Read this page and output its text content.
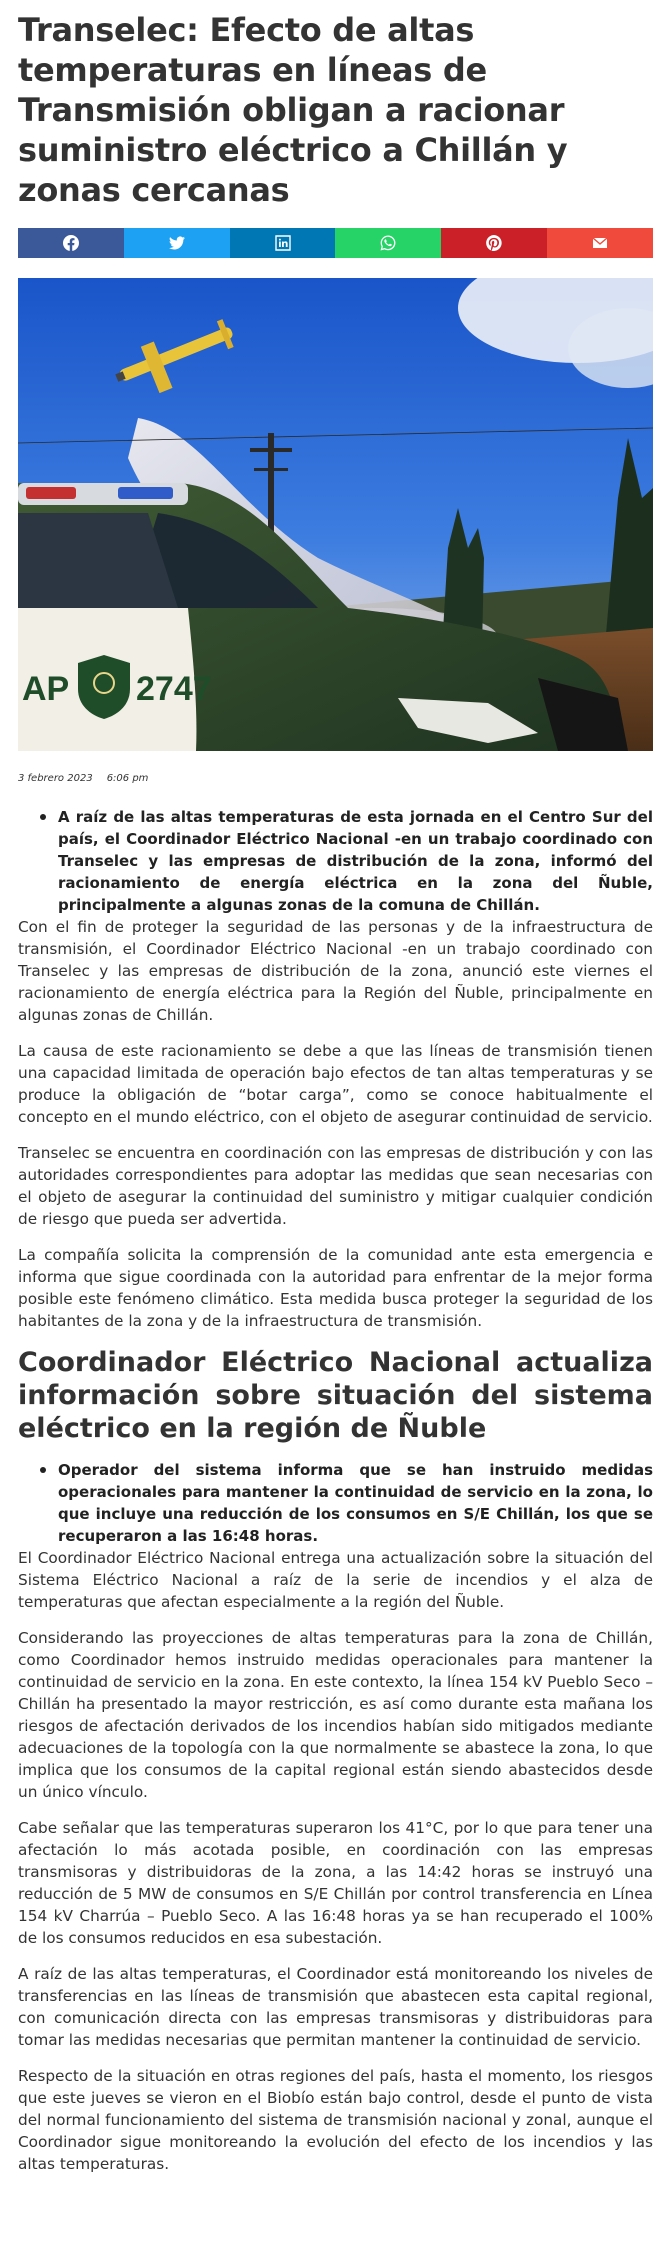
Transelec: Efecto de altas temperaturas en líneas de Transmisión obligan a racionar suministro eléctrico a Chillán y zonas cercanas
AP 2747
3 febrero 2023 6:06 pm
A raíz de las altas temperaturas de esta jornada en el Centro Sur del país, el Coordinador Eléctrico Nacional -en un trabajo coordinado con Transelec y las empresas de distribución de la zona, informó del racionamiento de energía eléctrica en la zona del Ñuble, principalmente a algunas zonas de la comuna de Chillán.

Con el fin de proteger la seguridad de las personas y de la infraestructura de transmisión, el Coordinador Eléctrico Nacional -en un trabajo coordinado con Transelec y las empresas de distribución de la zona, anunció este viernes el racionamiento de energía eléctrica para la Región del Ñuble, principalmente en algunas zonas de Chillán.

La causa de este racionamiento se debe a que las líneas de transmisión tienen una capacidad limitada de operación bajo efectos de tan altas temperaturas y se produce la obligación de “botar carga”, como se conoce habitualmente el concepto en el mundo eléctrico, con el objeto de asegurar continuidad de servicio.

Transelec se encuentra en coordinación con las empresas de distribución y con las autoridades correspondientes para adoptar las medidas que sean necesarias con el objeto de asegurar la continuidad del suministro y mitigar cualquier condición de riesgo que pueda ser advertida.

La compañía solicita la comprensión de la comunidad ante esta emergencia e informa que sigue coordinada con la autoridad para enfrentar de la mejor forma posible este fenómeno climático. Esta medida busca proteger la seguridad de los habitantes de la zona y de la infraestructura de transmisión.

Coordinador Eléctrico Nacional actualiza información sobre situación del sistema eléctrico en la región de Ñuble
Operador del sistema informa que se han instruido medidas operacionales para mantener la continuidad de servicio en la zona, lo que incluye una reducción de los consumos en S/E Chillán, los que se recuperaron a las 16:48 horas.

El Coordinador Eléctrico Nacional entrega una actualización sobre la situación del Sistema Eléctrico Nacional a raíz de la serie de incendios y el alza de temperaturas que afectan especialmente a la región del Ñuble.

Considerando las proyecciones de altas temperaturas para la zona de Chillán, como Coordinador hemos instruido medidas operacionales para mantener la continuidad de servicio en la zona. En este contexto, la línea 154 kV Pueblo Seco – Chillán ha presentado la mayor restricción, es así como durante esta mañana los riesgos de afectación derivados de los incendios habían sido mitigados mediante adecuaciones de la topología con la que normalmente se abastece la zona, lo que implica que los consumos de la capital regional están siendo abastecidos desde un único vínculo.

Cabe señalar que las temperaturas superaron los 41°C, por lo que para tener una afectación lo más acotada posible, en coordinación con las empresas transmisoras y distribuidoras de la zona, a las 14:42 horas se instruyó una reducción de 5 MW de consumos en S/E Chillán por control transferencia en Línea 154 kV Charrúa – Pueblo Seco. A las 16:48 horas ya se han recuperado el 100% de los consumos reducidos en esa subestación.

A raíz de las altas temperaturas, el Coordinador está monitoreando los niveles de transferencias en las líneas de transmisión que abastecen esta capital regional, con comunicación directa con las empresas transmisoras y distribuidoras para tomar las medidas necesarias que permitan mantener la continuidad de servicio.

Respecto de la situación en otras regiones del país, hasta el momento, los riesgos que este jueves se vieron en el Biobío están bajo control, desde el punto de vista del normal funcionamiento del sistema de transmisión nacional y zonal, aunque el Coordinador sigue monitoreando la evolución del efecto de los incendios y las altas temperaturas.
